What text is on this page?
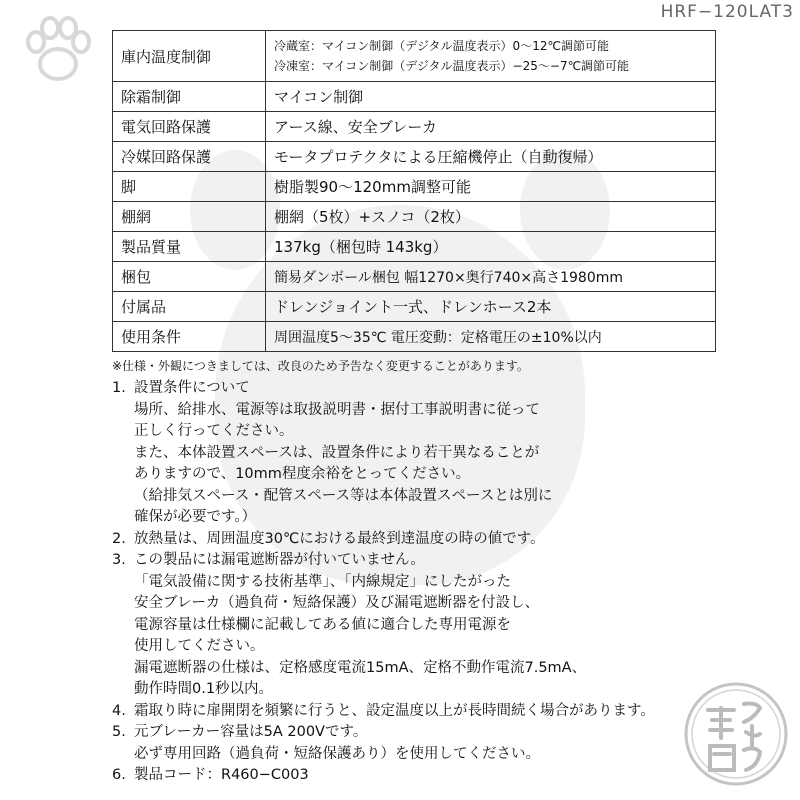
HRF−120LAT3
庫内温度制御	冷蔵室：マイコン制御（デジタル温度表示）0～12℃調節可能
冷凍室：マイコン制御（デジタル温度表示）−25～−7℃調節可能

除霜制御	マイコン制御
電気回路保護	アース線、安全ブレーカ
冷媒回路保護	モータプロテクタによる圧縮機停止（自動復帰）
脚	樹脂製90～120mm調整可能
棚網	棚網（5枚）+スノコ（2枚）
製品質量	137kg（梱包時 143kg）
梱包	簡易ダンボール梱包 幅1270×奥行740×高さ1980mm
付属品	ドレンジョイント一式、ドレンホース2本
使用条件	周囲温度5～35℃ 電圧変動：定格電圧の±10%以内
※仕様・外観につきましては、改良のため予告なく変更することがあります。
1. 設置条件について
場所、給排水、電源等は取扱説明書・据付工事説明書に従って
正しく行ってください。
また、本体設置スペースは、設置条件により若干異なることが
ありますので、10mm程度余裕をとってください。
（給排気スペース・配管スペース等は本体設置スペースとは別に
確保が必要です。）
2. 放熱量は、周囲温度30℃における最終到達温度の時の値です。
3. この製品には漏電遮断器が付いていません。
「電気設備に関する技術基準」、「内線規定」にしたがった
安全ブレーカ（過負荷・短絡保護）及び漏電遮断器を付設し、
電源容量は仕様欄に記載してある値に適合した専用電源を
使用してください。
漏電遮断器の仕様は、定格感度電流15mA、定格不動作電流7.5mA、
動作時間0.1秒以内。
4. 霜取り時に扉開閉を頻繁に行うと、設定温度以上が長時間続く場合があります。
5. 元ブレーカー容量は5A 200Vです。
必ず専用回路（過負荷・短絡保護あり）を使用してください。
6. 製品コード：R460−C003
